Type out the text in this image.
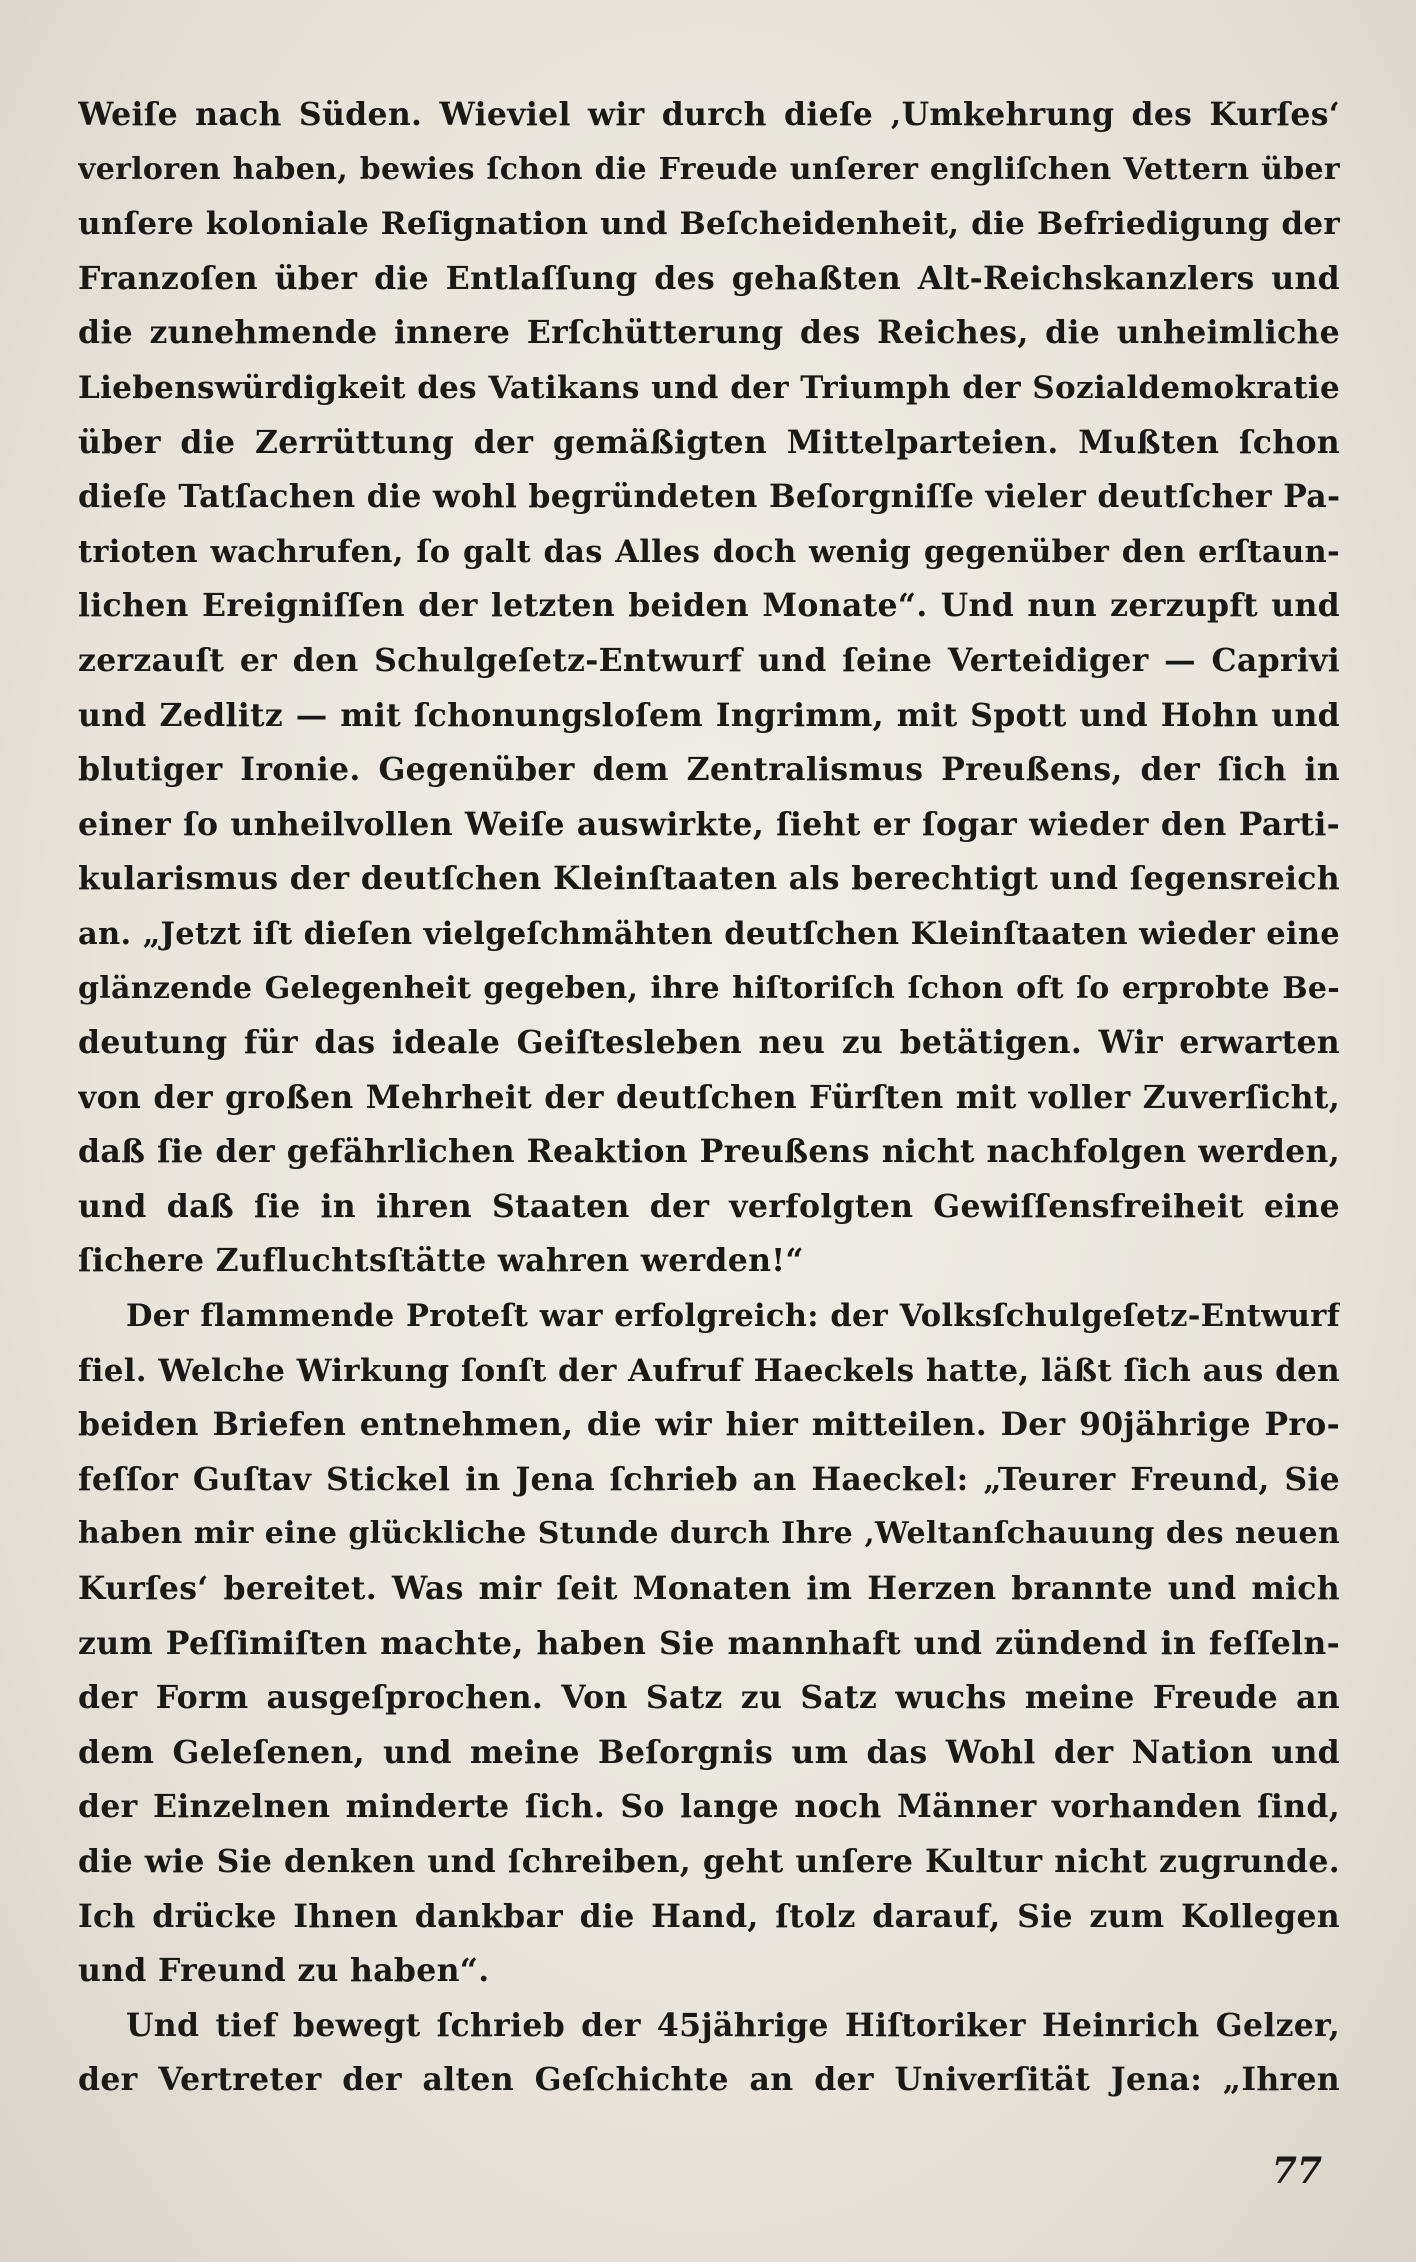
Weiſe nach Süden. Wieviel wir durch dieſe ‚Umkehrung des Kurſes‘
verloren haben, bewies ſchon die Freude unſerer engliſchen Vettern über
unſere koloniale Reſignation und Beſcheidenheit, die Befriedigung der
Franzoſen über die Entlaſſung des gehaßten Alt-Reichskanzlers und
die zunehmende innere Erſchütterung des Reiches, die unheimliche
Liebenswürdigkeit des Vatikans und der Triumph der Sozialdemokratie
über die Zerrüttung der gemäßigten Mittelparteien. Mußten ſchon
dieſe Tatſachen die wohl begründeten Beſorgniſſe vieler deutſcher Pa-
trioten wachrufen, ſo galt das Alles doch wenig gegenüber den erſtaun-
lichen Ereigniſſen der letzten beiden Monate“. Und nun zerzupft und
zerzauſt er den Schulgeſetz-Entwurf und ſeine Verteidiger — Caprivi
und Zedlitz — mit ſchonungsloſem Ingrimm, mit Spott und Hohn und
blutiger Ironie. Gegenüber dem Zentralismus Preußens, der ſich in
einer ſo unheilvollen Weiſe auswirkte, ſieht er ſogar wieder den Parti-
kularismus der deutſchen Kleinſtaaten als berechtigt und ſegensreich
an. „Jetzt iſt dieſen vielgeſchmähten deutſchen Kleinſtaaten wieder eine
glänzende Gelegenheit gegeben, ihre hiſtoriſch ſchon oft ſo erprobte Be-
deutung für das ideale Geiſtesleben neu zu betätigen. Wir erwarten
von der großen Mehrheit der deutſchen Fürſten mit voller Zuverſicht,
daß ſie der gefährlichen Reaktion Preußens nicht nachfolgen werden,
und daß ſie in ihren Staaten der verfolgten Gewiſſensfreiheit eine
ſichere Zufluchtsſtätte wahren werden!“
Der flammende Proteſt war erfolgreich: der Volksſchulgeſetz-Entwurf
fiel. Welche Wirkung ſonſt der Aufruf Haeckels hatte, läßt ſich aus den
beiden Briefen entnehmen, die wir hier mitteilen. Der 90jährige Pro-
feſſor Guſtav Stickel in Jena ſchrieb an Haeckel: „Teurer Freund, Sie
haben mir eine glückliche Stunde durch Ihre ‚Weltanſchauung des neuen
Kurſes‘ bereitet. Was mir ſeit Monaten im Herzen brannte und mich
zum Peſſimiſten machte, haben Sie mannhaft und zündend in feſſeln-
der Form ausgeſprochen. Von Satz zu Satz wuchs meine Freude an
dem Geleſenen, und meine Beſorgnis um das Wohl der Nation und
der Einzelnen minderte ſich. So lange noch Männer vorhanden ſind,
die wie Sie denken und ſchreiben, geht unſere Kultur nicht zugrunde.
Ich drücke Ihnen dankbar die Hand, ſtolz darauf, Sie zum Kollegen
und Freund zu haben“.
Und tief bewegt ſchrieb der 45jährige Hiſtoriker Heinrich Gelzer,
der Vertreter der alten Geſchichte an der Univerſität Jena: „Ihren
77
